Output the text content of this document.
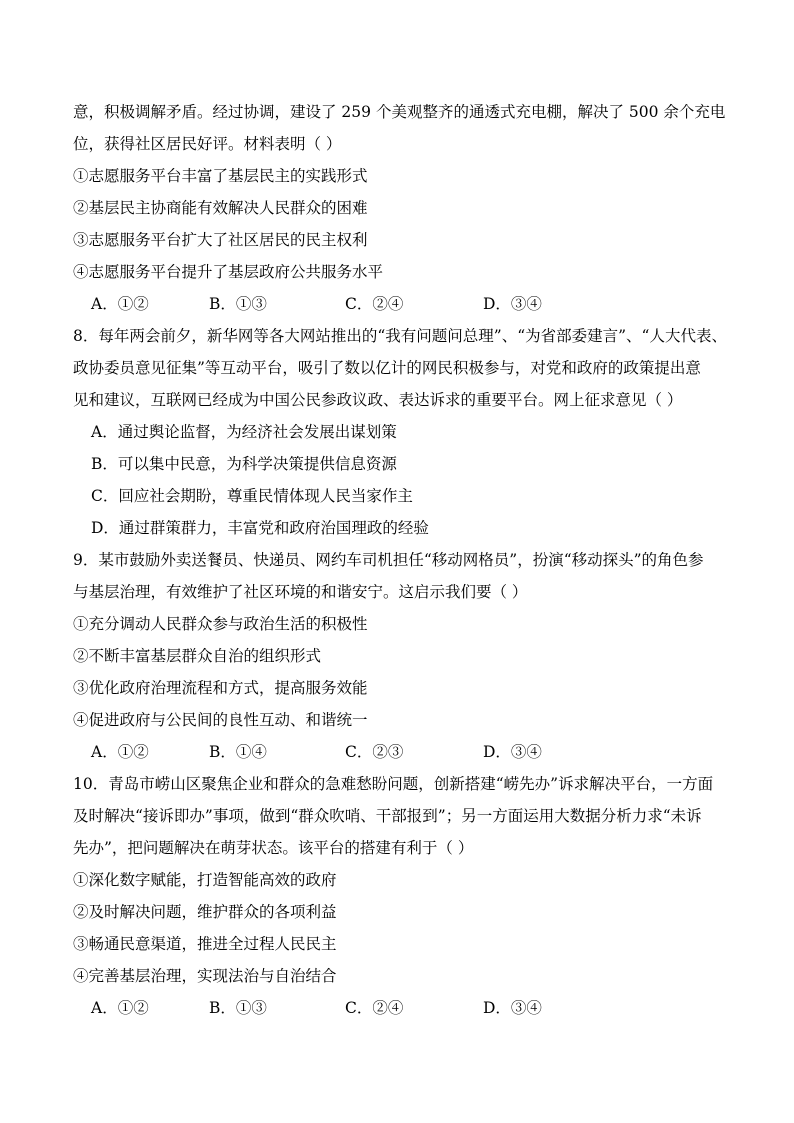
意，积极调解矛盾。经过协调，建设了 259 个美观整齐的通透式充电棚，解决了 500 余个充电
位，获得社区居民好评。材料表明（ ）
①志愿服务平台丰富了基层民主的实践形式
②基层民主协商能有效解决人民群众的困难
③志愿服务平台扩大了社区居民的民主权利
④志愿服务平台提升了基层政府公共服务水平
A．①②	B．①③	C．②④	D．③④
8．每年两会前夕，新华网等各大网站推出的“我有问题问总理”、“为省部委建言”、“人大代表、
政协委员意见征集”等互动平台，吸引了数以亿计的网民积极参与，对党和政府的政策提出意
见和建议，互联网已经成为中国公民参政议政、表达诉求的重要平台。网上征求意见（ ）
A．通过舆论监督，为经济社会发展出谋划策
B．可以集中民意，为科学决策提供信息资源
C．回应社会期盼，尊重民情体现人民当家作主
D．通过群策群力，丰富党和政府治国理政的经验
9．某市鼓励外卖送餐员、快递员、网约车司机担任“移动网格员”，扮演“移动探头”的角色参
与基层治理，有效维护了社区环境的和谐安宁。这启示我们要（ ）
①充分调动人民群众参与政治生活的积极性
②不断丰富基层群众自治的组织形式
③优化政府治理流程和方式，提高服务效能
④促进政府与公民间的良性互动、和谐统一
A．①②	B．①④	C．②③	D．③④
10．青岛市崂山区聚焦企业和群众的急难愁盼问题，创新搭建“崂先办”诉求解决平台，一方面
及时解决“接诉即办”事项，做到“群众吹哨、干部报到”；另一方面运用大数据分析力求“未诉
先办”，把问题解决在萌芽状态。该平台的搭建有利于（ ）
①深化数字赋能，打造智能高效的政府
②及时解决问题，维护群众的各项利益
③畅通民意渠道，推进全过程人民民主
④完善基层治理，实现法治与自治结合
A．①②	B．①③	C．②④	D．③④
